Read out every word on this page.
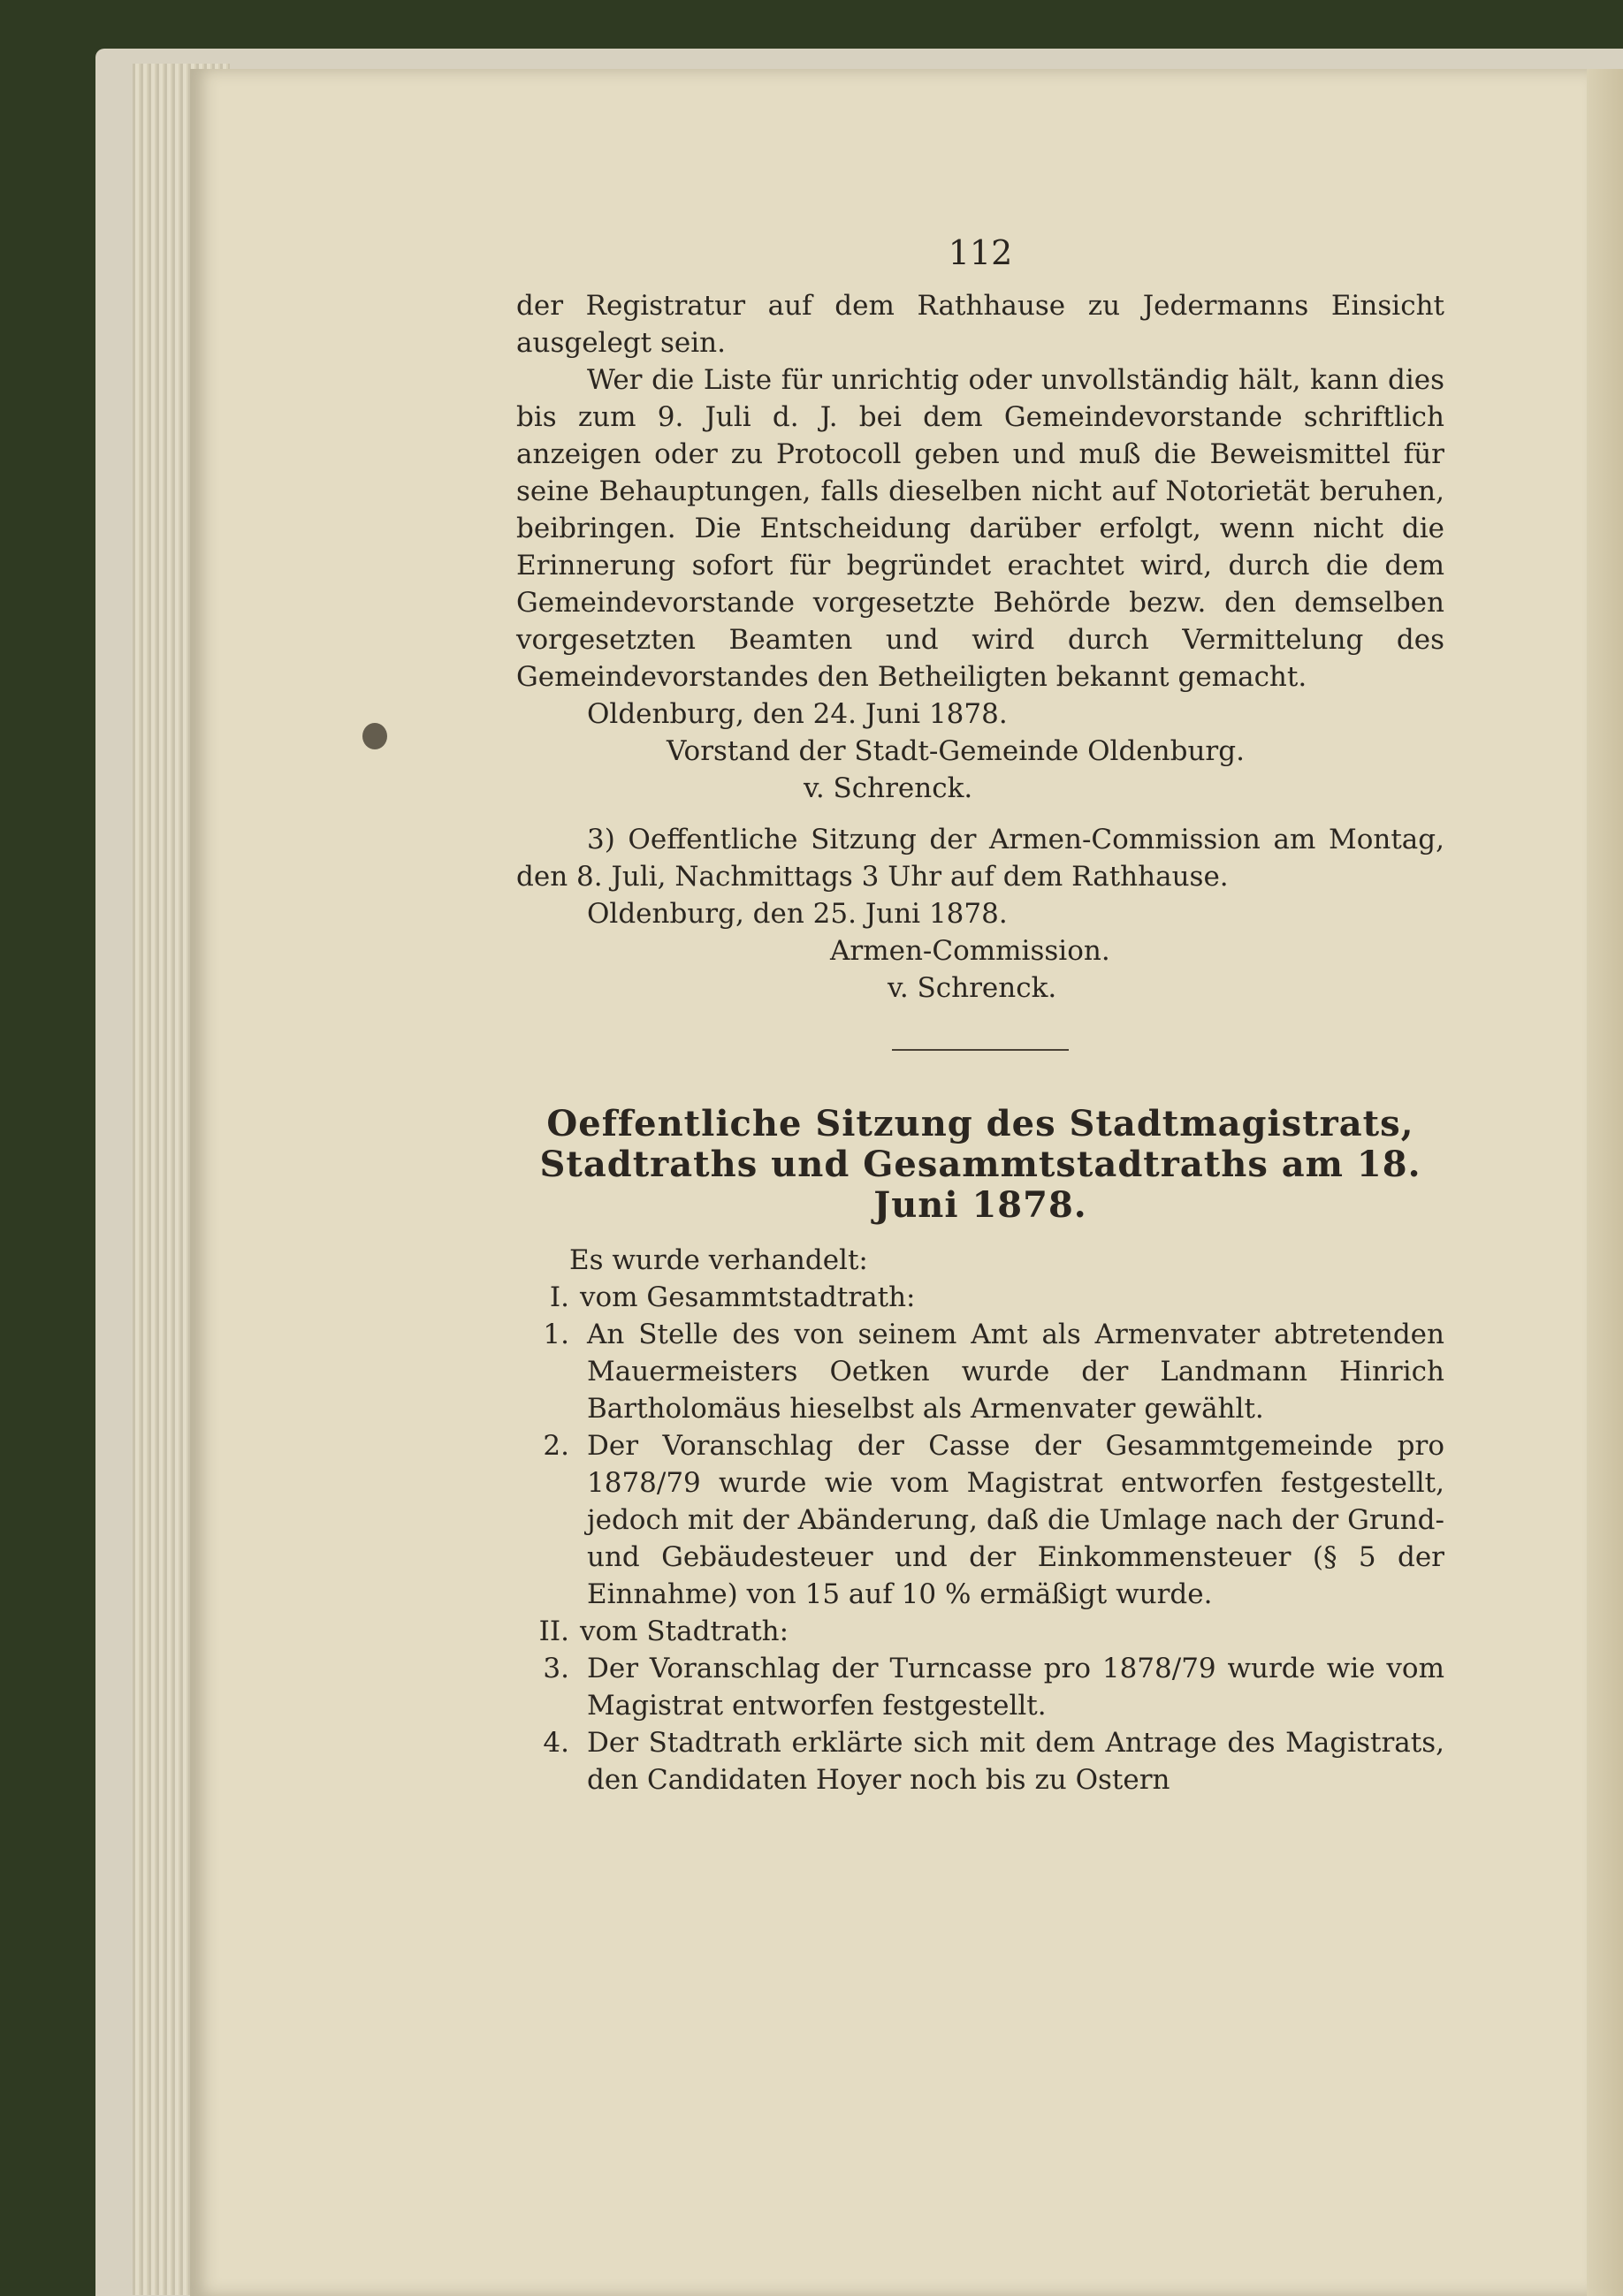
112

der Registratur auf dem Rathhause zu Jedermanns Einsicht ausgelegt sein.

Wer die Liste für unrichtig oder unvollständig hält, kann dies bis zum 9. Juli d. J. bei dem Gemeindevorstande schriftlich anzeigen oder zu Protocoll geben und muß die Beweismittel für seine Behauptungen, falls dieselben nicht auf Notorietät beruhen, beibringen. Die Entscheidung darüber erfolgt, wenn nicht die Erinnerung sofort für begründet erachtet wird, durch die dem Gemeindevorstande vorgesetzte Behörde bezw. den demselben vorgesetzten Beamten und wird durch Vermittelung des Gemeindevorstandes den Betheiligten bekannt gemacht.

Oldenburg, den 24. Juni 1878.

Vorstand der Stadt-Gemeinde Oldenburg.

v. Schrenck.

3) Oeffentliche Sitzung der Armen-Commission am Montag, den 8. Juli, Nachmittags 3 Uhr auf dem Rathhause.

Oldenburg, den 25. Juni 1878.

Armen-Commission.

v. Schrenck.

Oeffentliche Sitzung des Stadtmagistrats,
Stadtraths und Gesammtstadtraths am 18.
Juni 1878.

Es wurde verhandelt:

I. vom Gesammtstadtrath:
1. An Stelle des von seinem Amt als Armenvater abtretenden Mauermeisters Oetken wurde der Landmann Hinrich Bartholomäus hieselbst als Armenvater gewählt.
2. Der Voranschlag der Casse der Gesammtgemeinde pro 1878/79 wurde wie vom Magistrat entworfen festgestellt, jedoch mit der Abänderung, daß die Umlage nach der Grund- und Gebäudesteuer und der Einkommensteuer (§ 5 der Einnahme) von 15 auf 10 % ermäßigt wurde.
II. vom Stadtrath:
3. Der Voranschlag der Turncasse pro 1878/79 wurde wie vom Magistrat entworfen festgestellt.
4. Der Stadtrath erklärte sich mit dem Antrage des Magistrats, den Candidaten Hoyer noch bis zu Ostern
